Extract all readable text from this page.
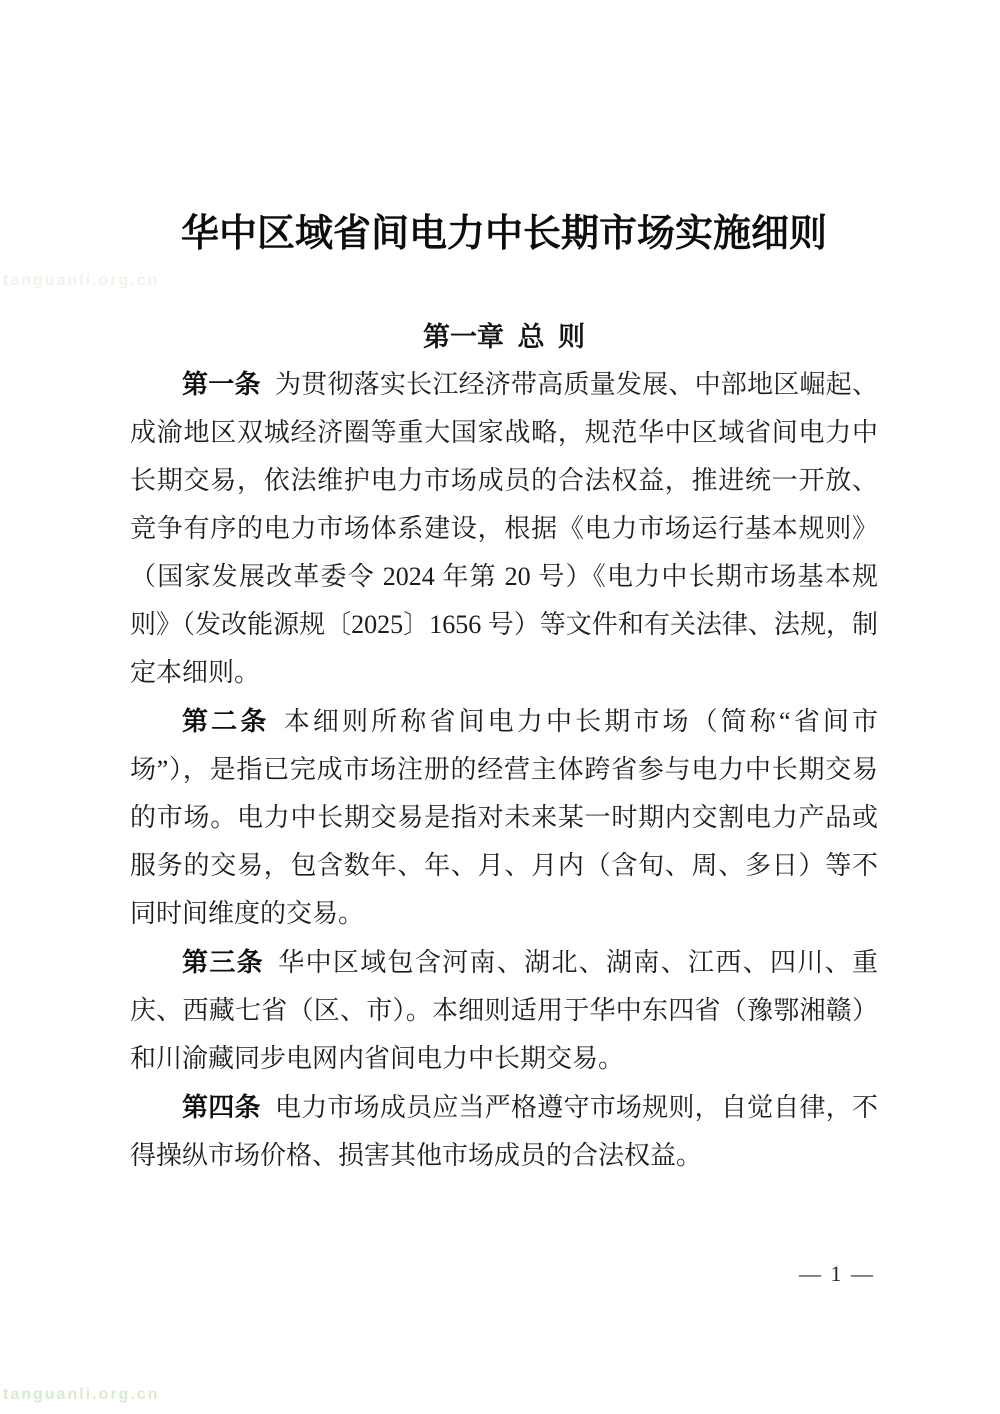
tanguanli.org.cn
华中区域省间电力中长期市场实施细则
第一章 总 则

第一条 为贯彻落实长江经济带高质量发展、中部地区崛起、成渝地区双城经济圈等重大国家战略，规范华中区域省间电力中长期交易，依法维护电力市场成员的合法权益，推进统一开放、竞争有序的电力市场体系建设，根据《电力市场运行基本规则》（国家发展改革委令 2024 年第 20 号）《电力中长期市场基本规则》（发改能源规〔2025〕1656 号）等文件和有关法律、法规，制定本细则。

第二条 本细则所称省间电力中长期市场（简称“省间市场”），是指已完成市场注册的经营主体跨省参与电力中长期交易的市场。电力中长期交易是指对未来某一时期内交割电力产品或服务的交易，包含数年、年、月、月内（含旬、周、多日）等不同时间维度的交易。

第三条 华中区域包含河南、湖北、湖南、江西、四川、重庆、西藏七省（区、市）。本细则适用于华中东四省（豫鄂湘赣）和川渝藏同步电网内省间电力中长期交易。

第四条 电力市场成员应当严格遵守市场规则，自觉自律，不得操纵市场价格、损害其他市场成员的合法权益。

— 1 —
tanguanli.org.cn
